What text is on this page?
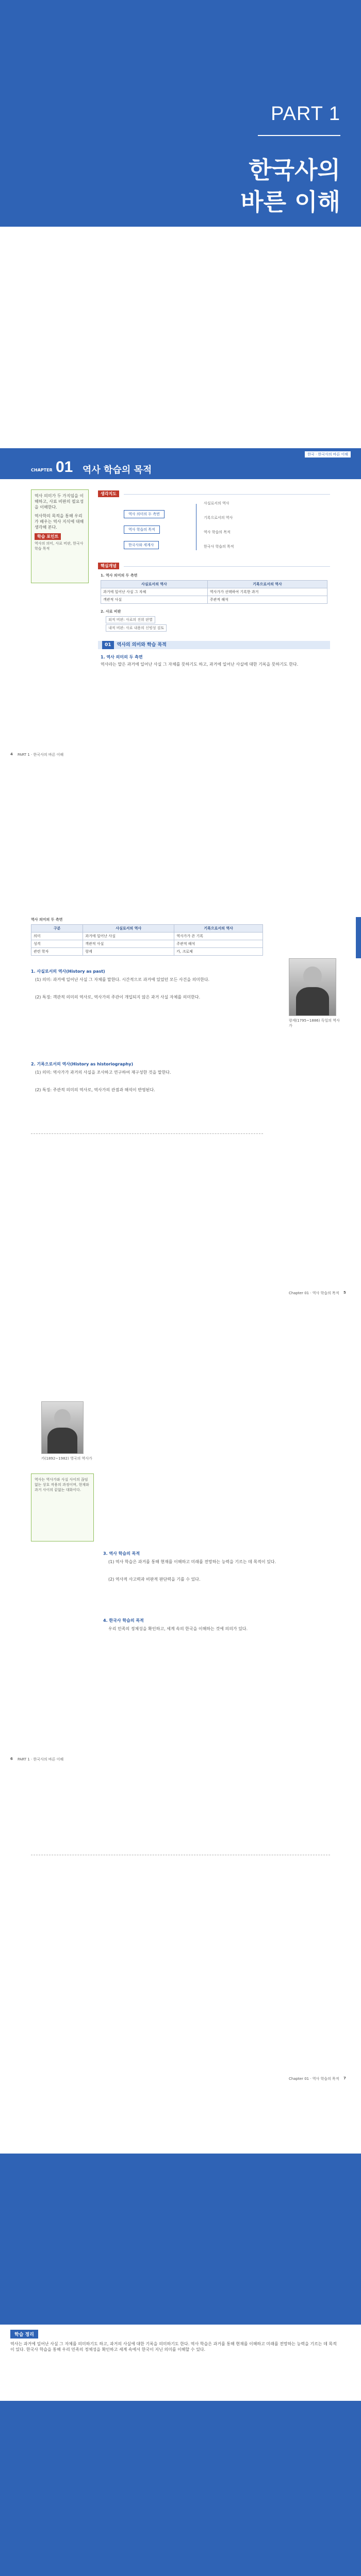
PART 1
한국사의
바른 이해
한국 · 한국사의 바른 이해
CHAPTER 01 역사 학습의 목적
역사 의미가 두 가지임을 이해하고, 사료 비판의 필요성을 이해한다.
역사학의 목적을 통해 우리가 배우는 역사 지식에 대해 생각해 본다.
학습 포인트
역사의 의미, 사료 비판, 한국사 학습 목적
생각지도
역사 의미의 두 측면
역사 학습의 목적
한국사와 세계사
사실로서의 역사
기록으로서의 역사
역사 학습의 목적
한국사 학습의 목적
핵심개념
1. 역사 의미의 두 측면
사실로서의 역사	기록으로서의 역사
과거에 일어난 사실 그 자체	역사가가 선택하여 기록한 과거
객관적 사실	주관적 해석
2. 사료 비판
외적 비판: 사료의 진위 판별
내적 비판: 사료 내용의 신빙성 검토
01 역사의 의미와 학습 목적
1. 역사 의미의 두 측면
역사라는 말은 과거에 일어난 사실 그 자체를 뜻하기도 하고, 과거에 일어난 사실에 대한 기록을 뜻하기도 한다.
4 PART 1 · 한국사의 바른 이해
역사 의미의 두 측면
구분	사실로서의 역사	기록으로서의 역사
의미	과거에 일어난 사실	역사가가 쓴 기록
성격	객관적 사실	주관적 해석
관련 학자	랑케	카, 크로체
1. 사실로서의 역사(History as past)
(1) 의미: 과거에 일어난 사실 그 자체를 말한다. 시간적으로 과거에 있었던 모든 사건을 의미한다.
(2) 특징: 객관적 의미의 역사로, 역사가의 주관이 개입되지 않은 과거 사실 자체를 의미한다.
2. 기록으로서의 역사(History as historiography)
(1) 의미: 역사가가 과거의 사실을 조사하고 연구하여 재구성한 것을 말한다.
(2) 특징: 주관적 의미의 역사로, 역사가의 관점과 해석이 반영된다.
랑케(1795~1886) 독일의 역사가
Chapter 01 · 역사 학습의 목적 5
카(1892~1982) 영국의 역사가
역사는 역사가와 사실 사이의 끊임없는 상호 작용의 과정이며, 현재와 과거 사이의 끝없는 대화이다.
3. 역사 학습의 목적
(1) 역사 학습은 과거를 통해 현재를 이해하고 미래를 전망하는 능력을 기르는 데 목적이 있다.
(2) 역사적 사고력과 비판적 판단력을 기를 수 있다.
4. 한국사 학습의 목적
우리 민족의 정체성을 확인하고, 세계 속의 한국을 이해하는 것에 의의가 있다.
6 PART 1 · 한국사의 바른 이해
Chapter 01 · 역사 학습의 목적 7
학습 정리
역사는 과거에 일어난 사실 그 자체를 의미하기도 하고, 과거의 사실에 대한 기록을 의미하기도 한다. 역사 학습은 과거를 통해 현재를 이해하고 미래를 전망하는 능력을 기르는 데 목적이 있다. 한국사 학습을 통해 우리 민족의 정체성을 확인하고 세계 속에서 한국이 지닌 의미를 이해할 수 있다.
